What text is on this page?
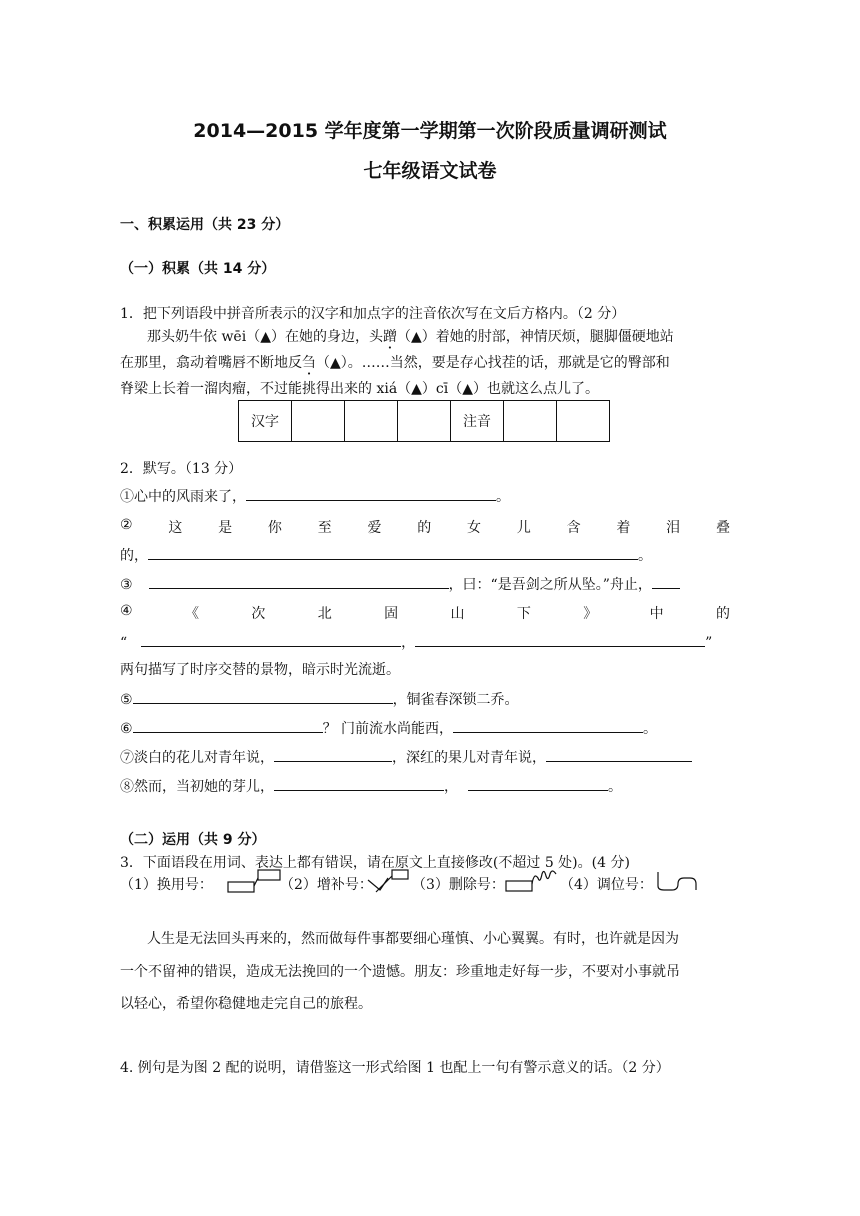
2014—2015 学年度第一学期第一次阶段质量调研测试
七年级语文试卷
一、积累运用（共 23 分）
（一）积累（共 14 分）
1．把下列语段中拼音所表示的汉字和加点字的注音依次写在文后方格内。（2 分）
那头奶牛依 wēi（▲）在她的身边，头蹭（▲）着她的肘部，神情厌烦，腿脚僵硬地站
在那里，翕动着嘴唇不断地反刍（▲）。……当然，要是存心找茬的话，那就是它的臀部和
脊梁上长着一溜肉瘤，不过能挑得出来的 xiá（▲）cī（▲）也就这么点儿了。
汉字				注音		
2．默写。（13 分）
①心中的风雨来了，	。
②	这	是	你	至	爱	的	女	儿	含	着	泪	叠
的，	。
③	，曰：“是吾剑之所从坠。”舟止，
④	《	次	北	固	山	下	》	中	的
“	，	”
两句描写了时序交替的景物，暗示时光流逝。
⑤	，铜雀春深锁二乔。
⑥	？ 门前流水尚能西，	。
⑦淡白的花儿对青年说，	，深红的果儿对青年说，
⑧然而，当初她的芽儿，	，	。
（二）运用（共 9 分）
3．下面语段在用词、表达上都有错误，请在原文上直接修改(不超过 5 处)。(4 分)
（1）换用号：	（2）增补号：	（3）删除号：	（4）调位号：
人生是无法回头再来的，然而做每件事都要细心瑾慎、小心翼翼。有时，也许就是因为
一个不留神的错误，造成无法挽回的一个遗憾。朋友：珍重地走好每一步，不要对小事就吊
以轻心，希望你稳健地走完自己的旅程。
4. 例句是为图 2 配的说明，请借鉴这一形式给图 1 也配上一句有警示意义的话。（2 分）
